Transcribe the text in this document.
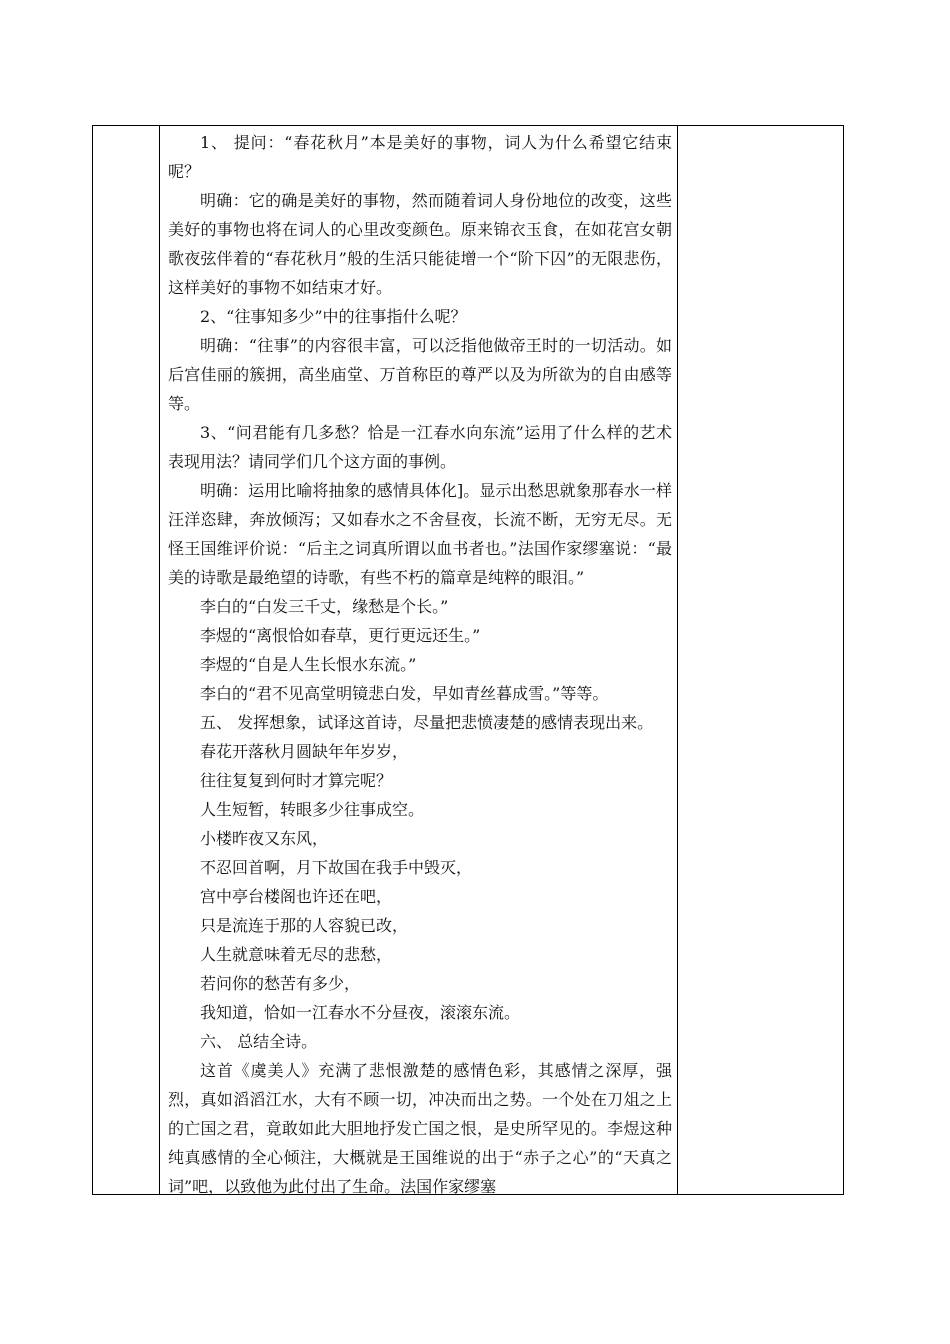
1、 提问：“春花秋月”本是美好的事物，词人为什么希望它结束呢？

明确：它的确是美好的事物，然而随着词人身份地位的改变，这些美好的事物也将在词人的心里改变颜色。原来锦衣玉食，在如花宫女朝歌夜弦伴着的“春花秋月”般的生活只能徒增一个“阶下囚”的无限悲伤，这样美好的事物不如结束才好。

2、“往事知多少”中的往事指什么呢？

明确：“往事”的内容很丰富，可以泛指他做帝王时的一切活动。如后宫佳丽的簇拥，高坐庙堂、万首称臣的尊严以及为所欲为的自由感等等。

3、“问君能有几多愁？恰是一江春水向东流”运用了什么样的艺术表现用法？请同学们几个这方面的事例。

明确：运用比喻将抽象的感情具体化]。显示出愁思就象那春水一样汪洋恣肆，奔放倾泻；又如春水之不舍昼夜，长流不断，无穷无尽。无怪王国维评价说：“后主之词真所谓以血书者也。”法国作家缪塞说：“最美的诗歌是最绝望的诗歌，有些不朽的篇章是纯粹的眼泪。”

李白的“白发三千丈，缘愁是个长。”

李煜的“离恨恰如春草，更行更远还生。”

李煜的“自是人生长恨水东流。”

李白的“君不见高堂明镜悲白发，早如青丝暮成雪。”等等。

五、 发挥想象，试译这首诗，尽量把悲愤凄楚的感情表现出来。

春花开落秋月圆缺年年岁岁，

往往复复到何时才算完呢？

人生短暂，转眼多少往事成空。

小楼昨夜又东风，

不忍回首啊，月下故国在我手中毁灭，

宫中亭台楼阁也许还在吧，

只是流连于那的人容貌已改，

人生就意味着无尽的悲愁，

若问你的愁苦有多少，

我知道，恰如一江春水不分昼夜，滚滚东流。

六、 总结全诗。

这首《虞美人》充满了悲恨激楚的感情色彩，其感情之深厚，强烈，真如滔滔江水，大有不顾一切，冲决而出之势。一个处在刀俎之上的亡国之君，竟敢如此大胆地抒发亡国之恨，是史所罕见的。李煜这种纯真感情的全心倾注，大概就是王国维说的出于“赤子之心”的“天真之词”吧，以致他为此付出了生命。法国作家缪塞
